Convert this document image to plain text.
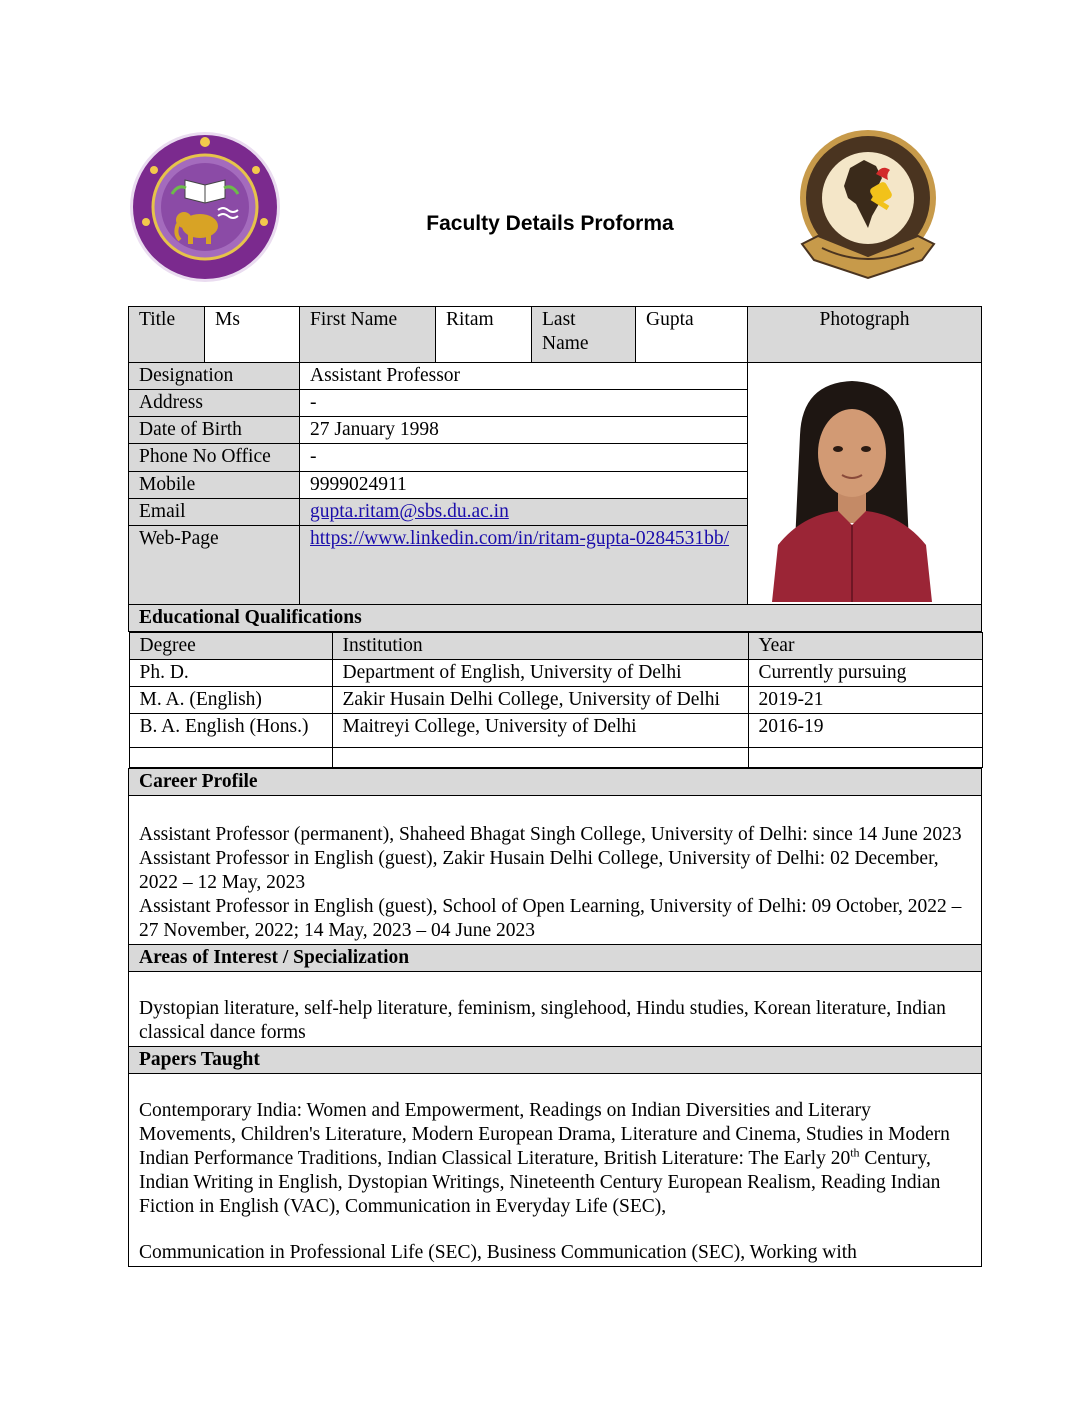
Faculty Details Proforma
Title	Ms	First Name	Ritam	Last Name	Gupta	Photograph
Designation	Assistant Professor	

Address	-
Date of Birth	27 January 1998
Phone No Office	-
Mobile	9999024911
Email	gupta.ritam@sbs.du.ac.in
Web-Page	https://www.linkedin.com/in/ritam-gupta-0284531bb/
Educational Qualifications

Degree	Institution	Year
Ph. D.	Department of English, University of Delhi	Currently pursuing
M. A. (English)	Zakir Husain Delhi College, University of Delhi	2019-21
B. A. English (Hons.)	Maitreyi College, University of Delhi	2016-19

Career Profile

Assistant Professor (permanent), Shaheed Bhagat Singh College, University of Delhi: since 14 June 2023

Assistant Professor in English (guest), Zakir Husain Delhi College, University of Delhi: 02 December, 2022 – 12 May, 2023

Assistant Professor in English (guest), School of Open Learning, University of Delhi: 09 October, 2022 – 27 November, 2022; 14 May, 2023 – 04 June 2023

Areas of Interest / Specialization

Dystopian literature, self-help literature, feminism, singlehood, Hindu studies, Korean literature, Indian classical dance forms

Papers Taught

Contemporary India: Women and Empowerment, Readings on Indian Diversities and Literary Movements, Children's Literature, Modern European Drama, Literature and Cinema, Studies in Modern Indian Performance Traditions, Indian Classical Literature, British Literature: The Early 20th Century, Indian Writing in English, Dystopian Writings, Nineteenth Century European Realism, Reading Indian Fiction in English (VAC), Communication in Everyday Life (SEC),

Communication in Professional Life (SEC), Business Communication (SEC), Working with
